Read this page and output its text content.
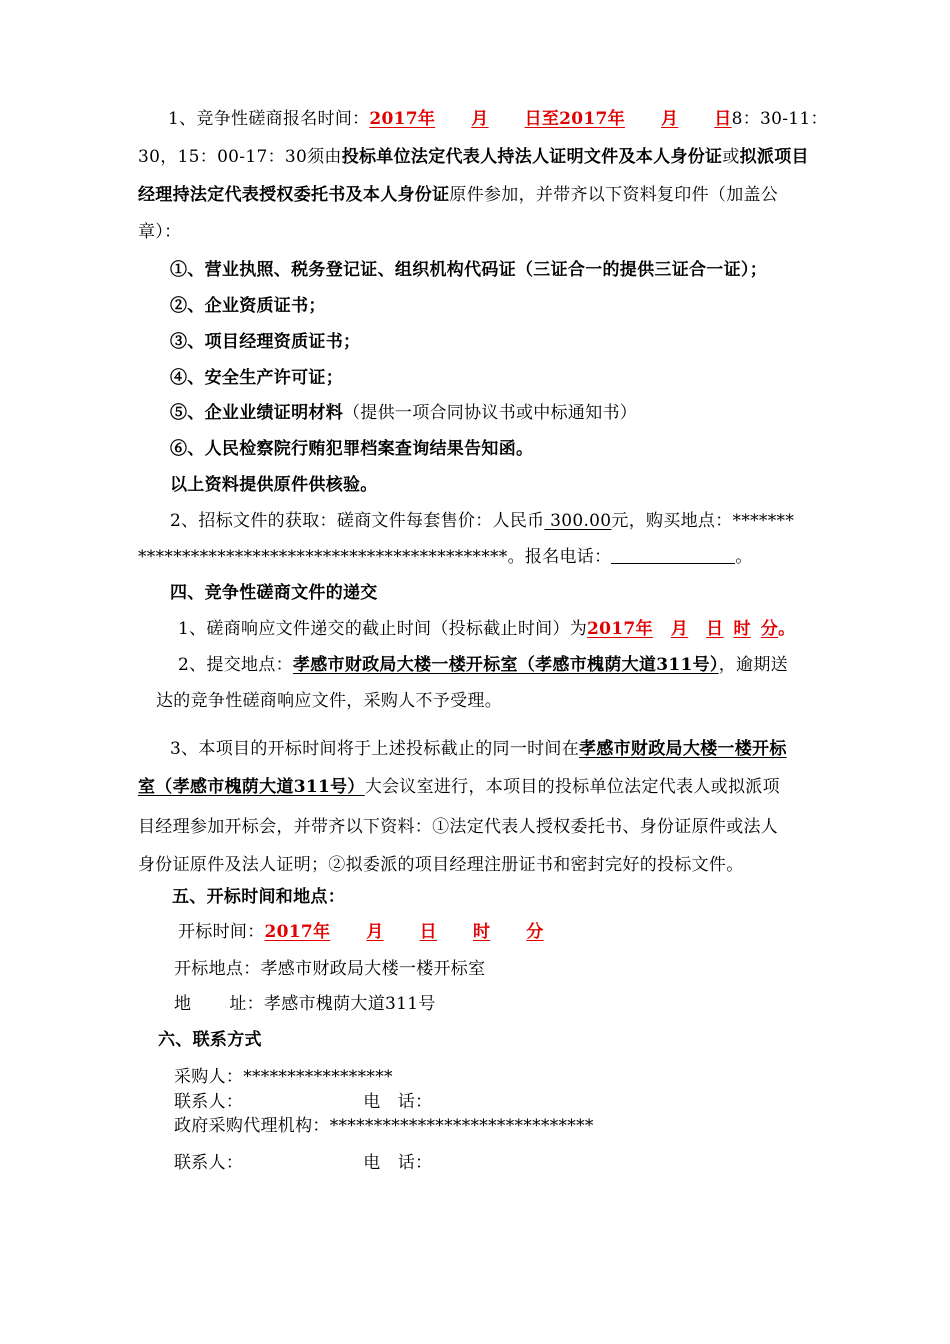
1、竞争性磋商报名时间：2017年 月 日至2017年 月 日8：30-11：
30，15：00-17：30须由投标单位法定代表人持法人证明文件及本人身份证或拟派项目
经理持法定代表授权委托书及本人身份证原件参加，并带齐以下资料复印件（加盖公
章）：
①、营业执照、税务登记证、组织机构代码证（三证合一的提供三证合一证）；
②、企业资质证书；
③、项目经理资质证书；
④、安全生产许可证；
⑤、企业业绩证明材料（提供一项合同协议书或中标通知书）
⑥、人民检察院行贿犯罪档案查询结果告知函。
以上资料提供原件供核验。
2、招标文件的获取：磋商文件每套售价：人民币 300.00元，购买地点：*******
******************************************。报名电话：	。
四、竞争性磋商文件的递交
1、磋商响应文件递交的截止时间（投标截止时间）为2017年 月 日 时 分。
2、提交地点：孝感市财政局大楼一楼开标室（孝感市槐荫大道311号），逾期送
达的竞争性磋商响应文件，采购人不予受理。
3、本项目的开标时间将于上述投标截止的同一时间在孝感市财政局大楼一楼开标
室（孝感市槐荫大道311号）大会议室进行，本项目的投标单位法定代表人或拟派项
目经理参加开标会，并带齐以下资料：①法定代表人授权委托书、身份证原件或法人
身份证原件及法人证明；②拟委派的项目经理注册证书和密封完好的投标文件。
五、开标时间和地点：
开标时间：2017年 月 日 时 分
开标地点：孝感市财政局大楼一楼开标室
地 址：孝感市槐荫大道311号
六、联系方式
采购人：*****************
联系人：	电　话：
政府采购代理机构：******************************
联系人：	电　话：
